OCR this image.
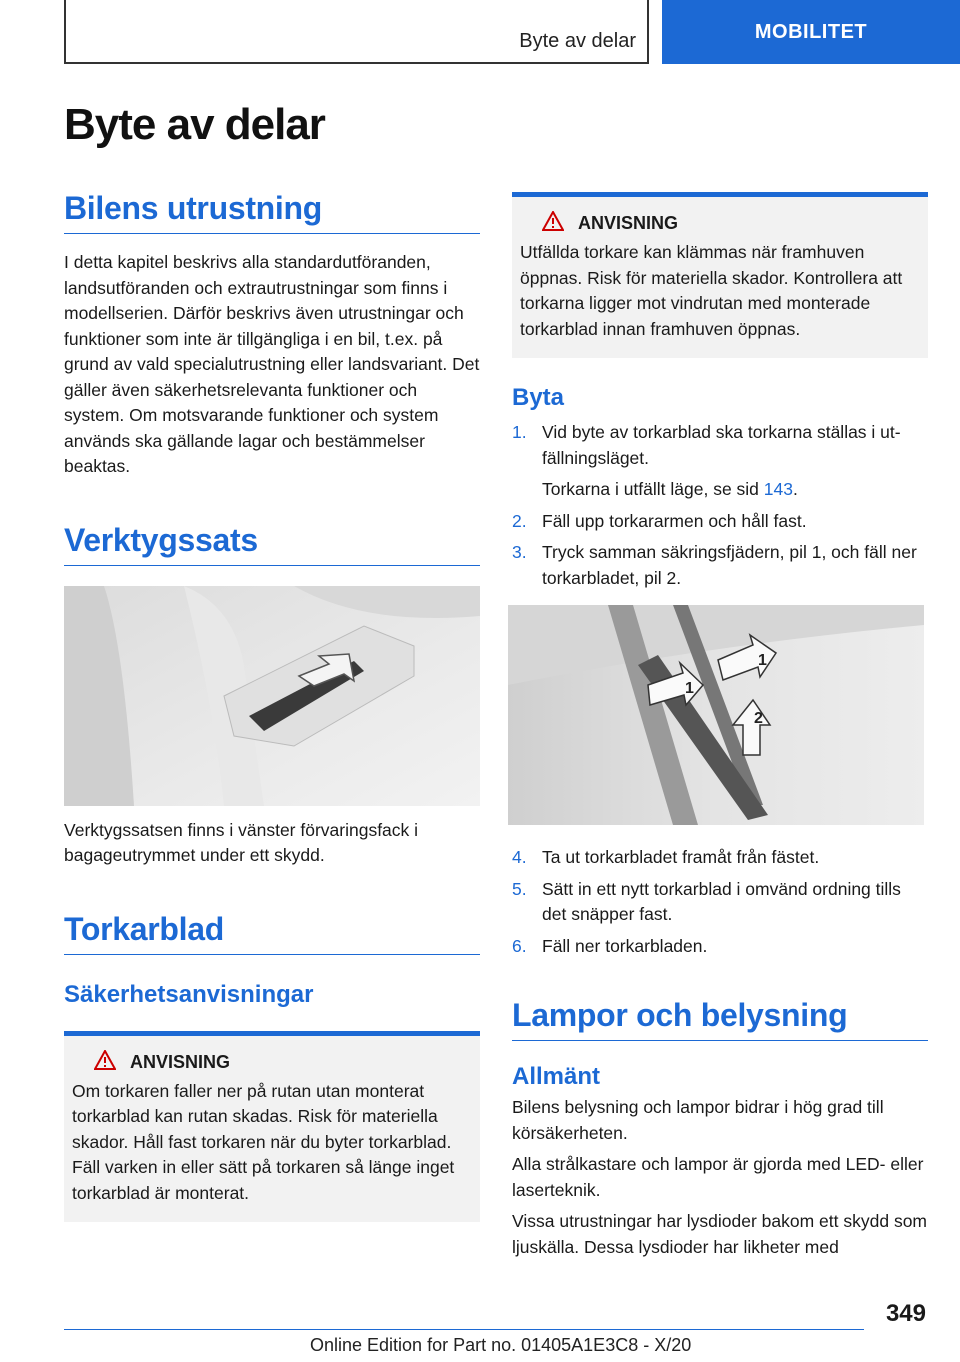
Byte av delar	MOBILITET
Byte av delar
Bilens utrustning

I detta kapitel beskrivs alla standardutföranden, landsutföranden och extrautrustningar som finns i modellserien. Därför beskrivs även utrustningar och funktioner som inte är tillgängliga i en bil, t.ex. på grund av vald specialutrustning eller landsvariant. Det gäller även säkerhetsrelevanta funktioner och system. Om motsvarande funktioner och system används ska gällande lagar och bestämmelser beaktas.

Verktygssats

Verktygssatsen finns i vänster förvaringsfack i bagageutrymmet under ett skydd.

Torkarblad
Säkerhetsanvisningar
ANVISNING
Om torkaren faller ner på rutan utan monterat torkarblad kan rutan skadas. Risk för materiella skador. Håll fast torkaren när du byter torkarblad. Fäll varken in eller sätt på torkaren så länge inget torkarblad är monterat.
ANVISNING
Utfällda torkare kan klämmas när framhuven öppnas. Risk för materiella skador. Kontrollera att torkarna ligger mot vindrutan med monterade torkarblad innan framhuven öppnas.
Byta
1. Vid byte av torkarblad ska torkarna ställas i utfällningsläget.
Torkarna i utfällt läge, se sid 143.
2. Fäll upp torkararmen och håll fast.
3. Tryck samman säkringsfjädern, pil 1, och fäll ner torkarbladet, pil 2.
1
1
2
4. Ta ut torkarbladet framåt från fästet.
5. Sätt in ett nytt torkarblad i omvänd ordning tills det snäpper fast.
6. Fäll ner torkarbladen.
Lampor och belysning
Allmänt

Bilens belysning och lampor bidrar i hög grad till körsäkerheten.

Alla strålkastare och lampor är gjorda med LED- eller laserteknik.

Vissa utrustningar har lysdioder bakom ett skydd som ljuskälla. Dessa lysdioder har likheter med

349
Online Edition for Part no. 01405A1E3C8 - X/20
